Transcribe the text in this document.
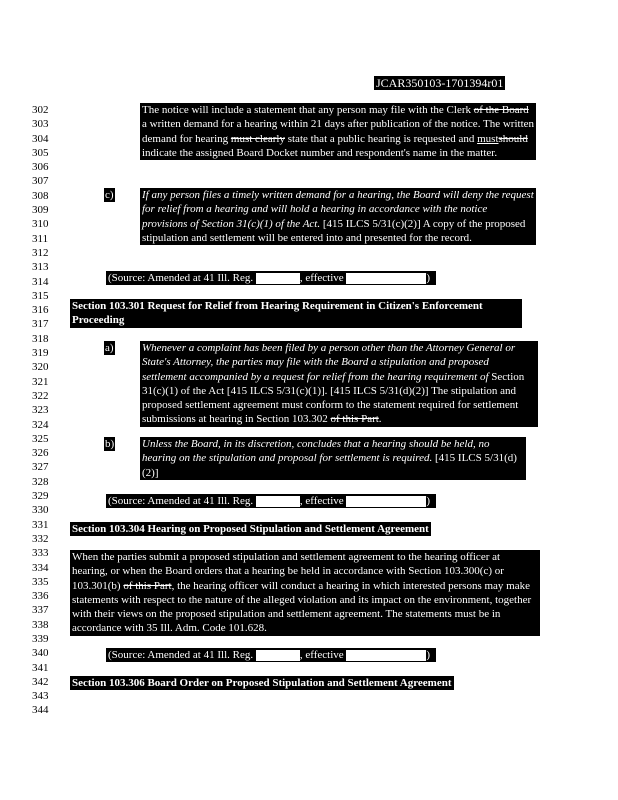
JCAR350103-1701394r01
302
303
304
305
306
307
308
309
310
311
312
313
314
315
316
317
318
319
320
321
322
323
324
325
326
327
328
329
330
331
332
333
334
335
336
337
338
339
340
341
342
343
344

The notice will include a statement that any person may file with the Clerk of the Board a written demand for a hearing within 21 days after publication of the notice. The written demand for hearing must clearly state that a public hearing is requested and mustshould indicate the assigned Board Docket number and respondent's name in the matter.

c)	If any person files a timely written demand for a hearing, the Board will deny the request for relief from a hearing and will hold a hearing in accordance with the notice provisions of Section 31(c)(1) of the Act. [415 ILCS 5/31(c)(2)] A copy of the proposed stipulation and settlement will be entered into and presented for the record.

(Source: Amended at 41 Ill. Reg.	, effective	)
Section 103.301 Request for Relief from Hearing Requirement in Citizen's Enforcement
Proceeding
a)	Whenever a complaint has been filed by a person other than the Attorney General or State's Attorney, the parties may file with the Board a stipulation and proposed settlement accompanied by a request for relief from the hearing requirement of Section 31(c)(1) of the Act [415 ILCS 5/31(c)(1)]. [415 ILCS 5/31(d)(2)] The stipulation and proposed settlement agreement must conform to the statement required for settlement submissions at hearing in Section 103.302 of this Part.

b)	Unless the Board, in its discretion, concludes that a hearing should be held, no hearing on the stipulation and proposal for settlement is required. [415 ILCS 5/31(d)(2)]

(Source: Amended at 41 Ill. Reg.	, effective	)
Section 103.304 Hearing on Proposed Stipulation and Settlement Agreement

When the parties submit a proposed stipulation and settlement agreement to the hearing officer at hearing, or when the Board orders that a hearing be held in accordance with Section 103.300(c) or 103.301(b) of this Part, the hearing officer will conduct a hearing in which interested persons may make statements with respect to the nature of the alleged violation and its impact on the environment, together with their views on the proposed stipulation and settlement agreement. The statements must be in accordance with 35 Ill. Adm. Code 101.628.

(Source: Amended at 41 Ill. Reg.	, effective	)
Section 103.306 Board Order on Proposed Stipulation and Settlement Agreement
